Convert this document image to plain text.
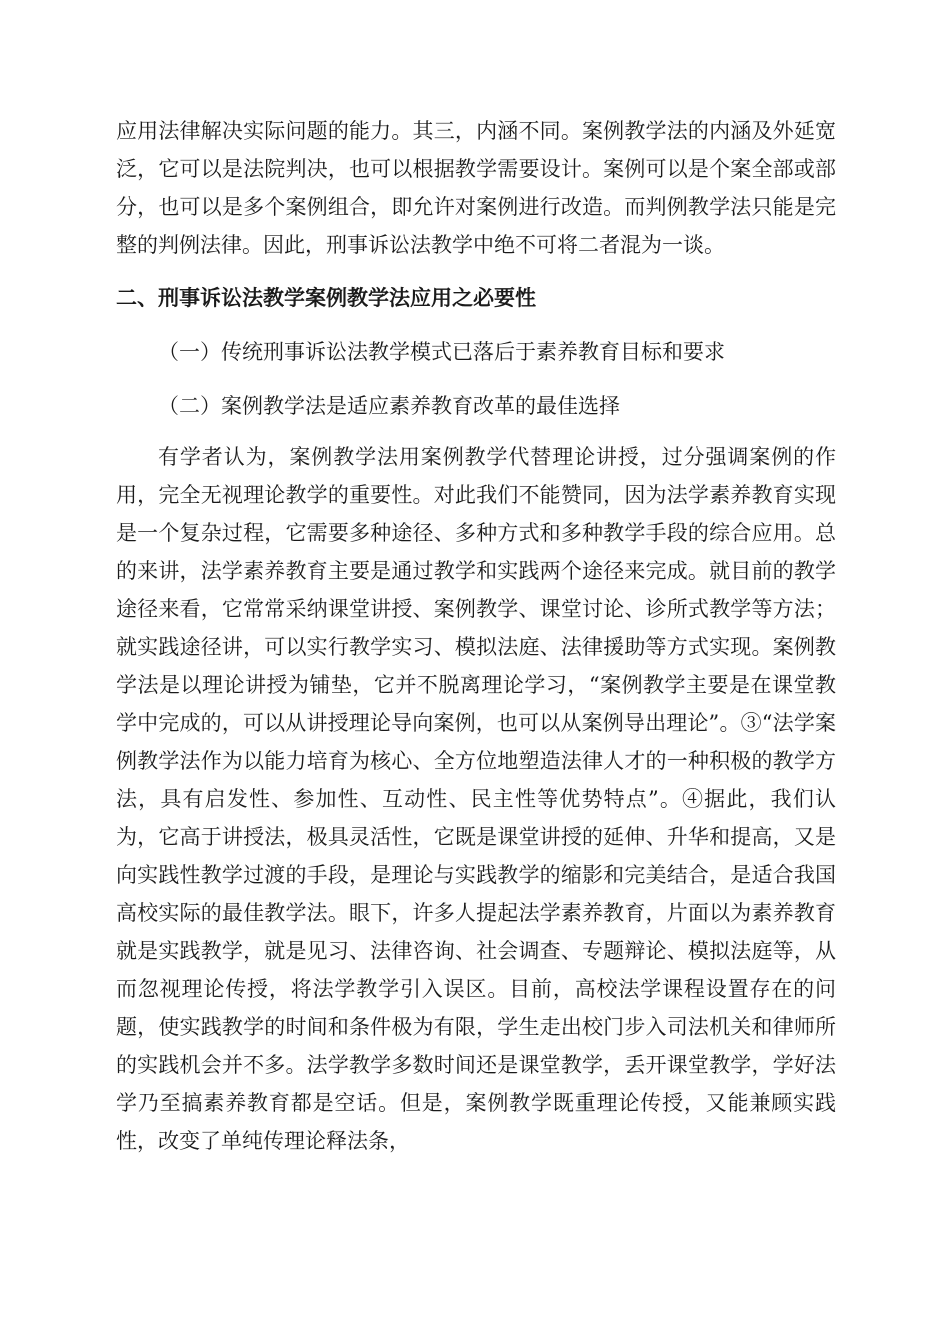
应用法律解决实际问题的能力。其三，内涵不同。案例教学法的内涵及外延宽泛，它可以是法院判决，也可以根据教学需要设计。案例可以是个案全部或部分，也可以是多个案例组合，即允许对案例进行改造。而判例教学法只能是完整的判例法律。因此，刑事诉讼法教学中绝不可将二者混为一谈。

二、刑事诉讼法教学案例教学法应用之必要性

（一）传统刑事诉讼法教学模式已落后于素养教育目标和要求

（二）案例教学法是适应素养教育改革的最佳选择

有学者认为，案例教学法用案例教学代替理论讲授，过分强调案例的作用，完全无视理论教学的重要性。对此我们不能赞同，因为法学素养教育实现是一个复杂过程，它需要多种途径、多种方式和多种教学手段的综合应用。总的来讲，法学素养教育主要是通过教学和实践两个途径来完成。就目前的教学途径来看，它常常采纳课堂讲授、案例教学、课堂讨论、诊所式教学等方法；就实践途径讲，可以实行教学实习、模拟法庭、法律援助等方式实现。案例教学法是以理论讲授为铺垫，它并不脱离理论学习，“案例教学主要是在课堂教学中完成的，可以从讲授理论导向案例，也可以从案例导出理论”。③“法学案例教学法作为以能力培育为核心、全方位地塑造法律人才的一种积极的教学方法，具有启发性、参加性、互动性、民主性等优势特点”。④据此，我们认为，它高于讲授法，极具灵活性，它既是课堂讲授的延伸、升华和提高，又是向实践性教学过渡的手段，是理论与实践教学的缩影和完美结合，是适合我国高校实际的最佳教学法。眼下，许多人提起法学素养教育，片面以为素养教育就是实践教学，就是见习、法律咨询、社会调查、专题辩论、模拟法庭等，从而忽视理论传授，将法学教学引入误区。目前，高校法学课程设置存在的问题，使实践教学的时间和条件极为有限，学生走出校门步入司法机关和律师所的实践机会并不多。法学教学多数时间还是课堂教学，丢开课堂教学，学好法学乃至搞素养教育都是空话。但是，案例教学既重理论传授，又能兼顾实践性，改变了单纯传理论释法条，
